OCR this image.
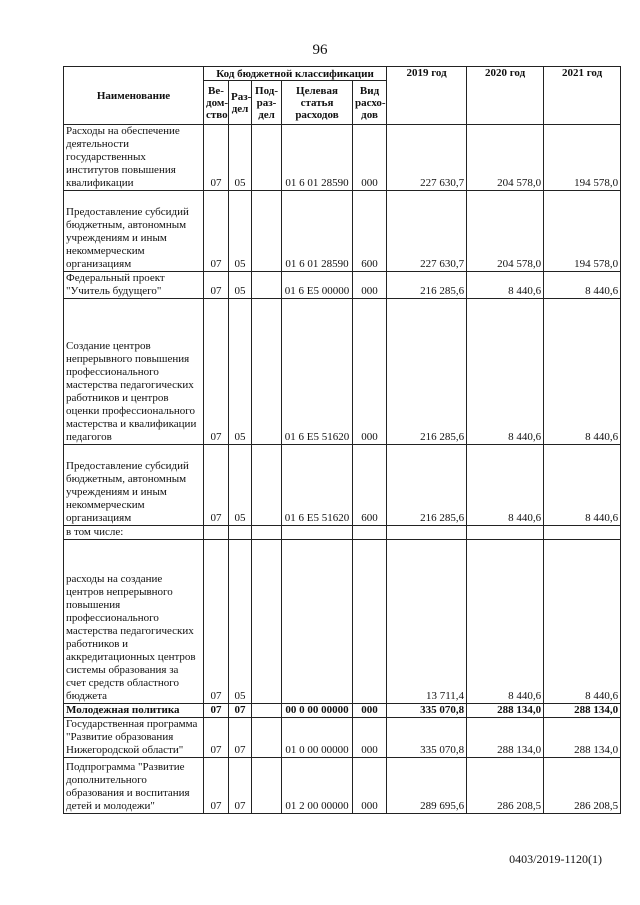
96
Наименование	Код бюджетной классификации					2019 год	2020 год	2021 год
	Ве-дом-ство	Раз-дел	Под-раз-дел	Целевая статья расходов	Вид расхо-дов			
Расходы на обеспечение деятельности государственных институтов повышения квалификации	07	05		01 6 01 28590	000	227 630,7	204 578,0	194 578,0
Предоставление субсидий бюджетным, автономным учреждениям и иным некоммерческим организациям	07	05		01 6 01 28590	600	227 630,7	204 578,0	194 578,0
Федеральный проект "Учитель будущего"	07	05		01 6 E5 00000	000	216 285,6	8 440,6	8 440,6
Создание центров непрерывного повышения профессионального мастерства педагогических работников и центров оценки профессионального мастерства и квалификации педагогов	07	05		01 6 E5 51620	000	216 285,6	8 440,6	8 440,6
Предоставление субсидий бюджетным, автономным учреждениям и иным некоммерческим организациям	07	05		01 6 E5 51620	600	216 285,6	8 440,6	8 440,6
в том числе:								
расходы на создание центров непрерывного повышения профессионального мастерства педагогических работников и аккредитационных центров системы образования за счет средств областного бюджета	07	05				13 711,4	8 440,6	8 440,6
Молодежная политика	07	07		00 0 00 00000	000	335 070,8	288 134,0	288 134,0
Государственная программа "Развитие образования Нижегородской области"	07	07		01 0 00 00000	000	335 070,8	288 134,0	288 134,0
Подпрограмма "Развитие дополнительного образования и воспитания детей и молодежи"	07	07		01 2 00 00000	000	289 695,6	286 208,5	286 208,5
0403/2019-1120(1)
